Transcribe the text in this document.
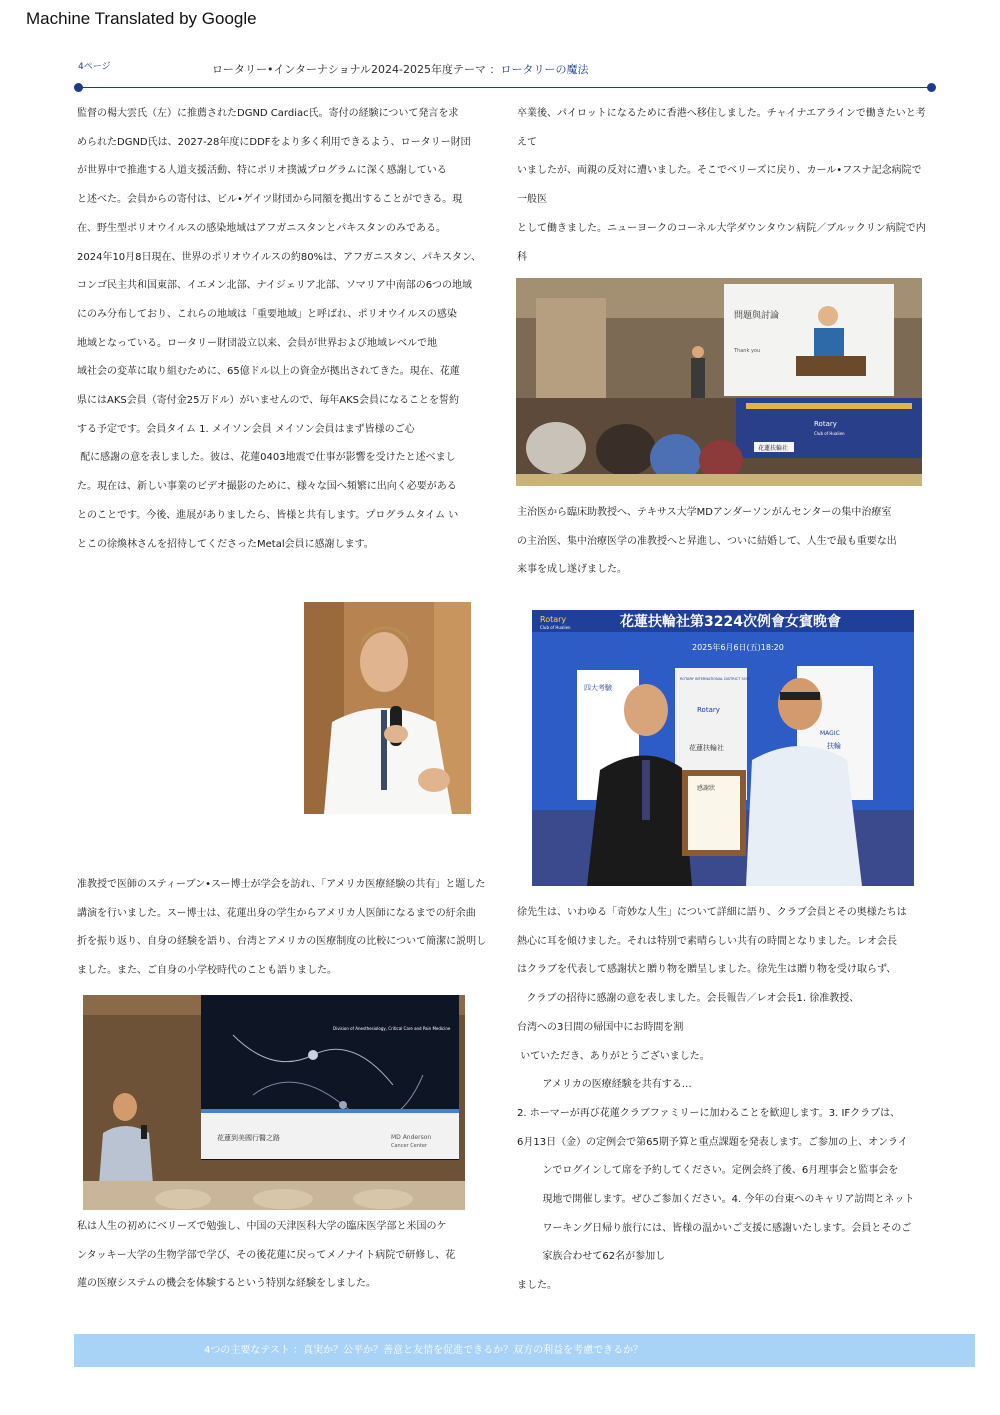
Machine Translated by Google
4ページ	ロータリー•インターナショナル2024-2025年度テーマ ：ロータリーの魔法

監督の楊大雲氏（左）に推薦されたDGND Cardiac氏。寄付の経験について発言を求
められたDGND氏は、2027-28年度にDDFをより多く利用できるよう、ロータリー財団
が世界中で推進する人道支援活動、特にポリオ撲滅プログラムに深く感謝している
と述べた。会員からの寄付は、ビル•ゲイツ財団から同額を拠出することができる。現
在、野生型ポリオウイルスの感染地域はアフガニスタンとパキスタンのみである。
2024年10月8日現在、世界のポリオウイルスの約80%は、アフガニスタン、パキスタン、
コンゴ民主共和国東部、イエメン北部、ナイジェリア北部、ソマリア中南部の6つの地域
にのみ分布しており、これらの地域は「重要地域」と呼ばれ、ポリオウイルスの感染
地域となっている。ロータリー財団設立以来、会員が世界および地域レベルで地
域社会の変革に取り組むために、65億ドル以上の資金が拠出されてきた。現在、花蓮
県にはAKS会員（寄付金25万ドル）がいませんので、毎年AKS会員になることを誓約
する予定です。会員タイム 1. メイソン会員 メイソン会員はまず皆様のご心
配に感謝の意を表しました。彼は、花蓮0403地震で仕事が影響を受けたと述べまし
た。現在は、新しい事業のビデオ撮影のために、様々な国へ頻繁に出向く必要がある
とのことです。今後、進展がありましたら、皆様と共有します。プログラムタイム い
とこの徐煥林さんを招待してくださったMetal会員に感謝します。

卒業後、パイロットになるために香港へ移住しました。チャイナエアラインで働きたいと考えて
いましたが、両親の反対に遭いました。そこでベリーズに戻り、カール•フスナ記念病院で一般医
として働きました。ニューヨークのコーネル大学ダウンタウン病院／ブルックリン病院で内科

問題與討論
Thank you
Rotary
Club of Hualien
花蓮扶輪社

主治医から臨床助教授へ、テキサス大学MDアンダーソンがんセンターの集中治療室
の主治医、集中治療医学の准教授へと昇進し、ついに結婚して、人生で最も重要な出
来事を成し遂げました。

Rotary
Club of Hualien	花蓮扶輪社第3224次例會女賓晚會
2025年6月6日(五)18:20
四大考驗
ROTARY INTERNATIONAL DISTRICT 3490
Rotary
花蓮扶輪社
MAGIC
扶輪
感謝狀

准教授で医師のスティーブン•スー博士が学会を訪れ、「アメリカ医療経験の共有」と題した
講演を行いました。スー博士は、花蓮出身の学生からアメリカ人医師になるまでの紆余曲
折を振り返り、自身の経験を語り、台湾とアメリカの医療制度の比較について簡潔に説明し
ました。また、ご自身の小学校時代のことも語りました。

徐先生は、いわゆる「奇妙な人生」について詳細に語り、クラブ会員とその奥様たちは
熱心に耳を傾けました。それは特別で素晴らしい共有の時間となりました。レオ会長
はクラブを代表して感謝状と贈り物を贈呈しました。徐先生は贈り物を受け取らず、
クラブの招待に感謝の意を表しました。会長報告／レオ会長1. 徐准教授、
台湾への3日間の帰国中にお時間を割
いていただき、ありがとうございました。
アメリカの医療経験を共有する…
2. ホーマーが再び花蓮クラブファミリーに加わることを歓迎します。3. IFクラブは、
6月13日（金）の定例会で第65期予算と重点課題を発表します。ご参加の上、オンライ
ンでログインして席を予約してください。定例会終了後、6月理事会と監事会を
現地で開催します。ぜひご参加ください。4. 今年の台東へのキャリア訪問とネット
ワーキング日帰り旅行には、皆様の温かいご支援に感謝いたします。会員とそのご
家族合わせて62名が参加し
ました。

Division of Anesthesiology, Critical Care and Pain Medicine
花蓮到美國行醫之路	MD Anderson
Cancer Center

私は人生の初めにベリーズで勉強し、中国の天津医科大学の臨床医学部と米国のケ
ンタッキー大学の生物学部で学び、その後花蓮に戻ってメノナイト病院で研修し、花
蓮の医療システムの機会を体験するという特別な経験をしました。

4つの主要なテスト ：真実か？公平か？善意と友情を促進できるか？双方の利益を考慮できるか？
